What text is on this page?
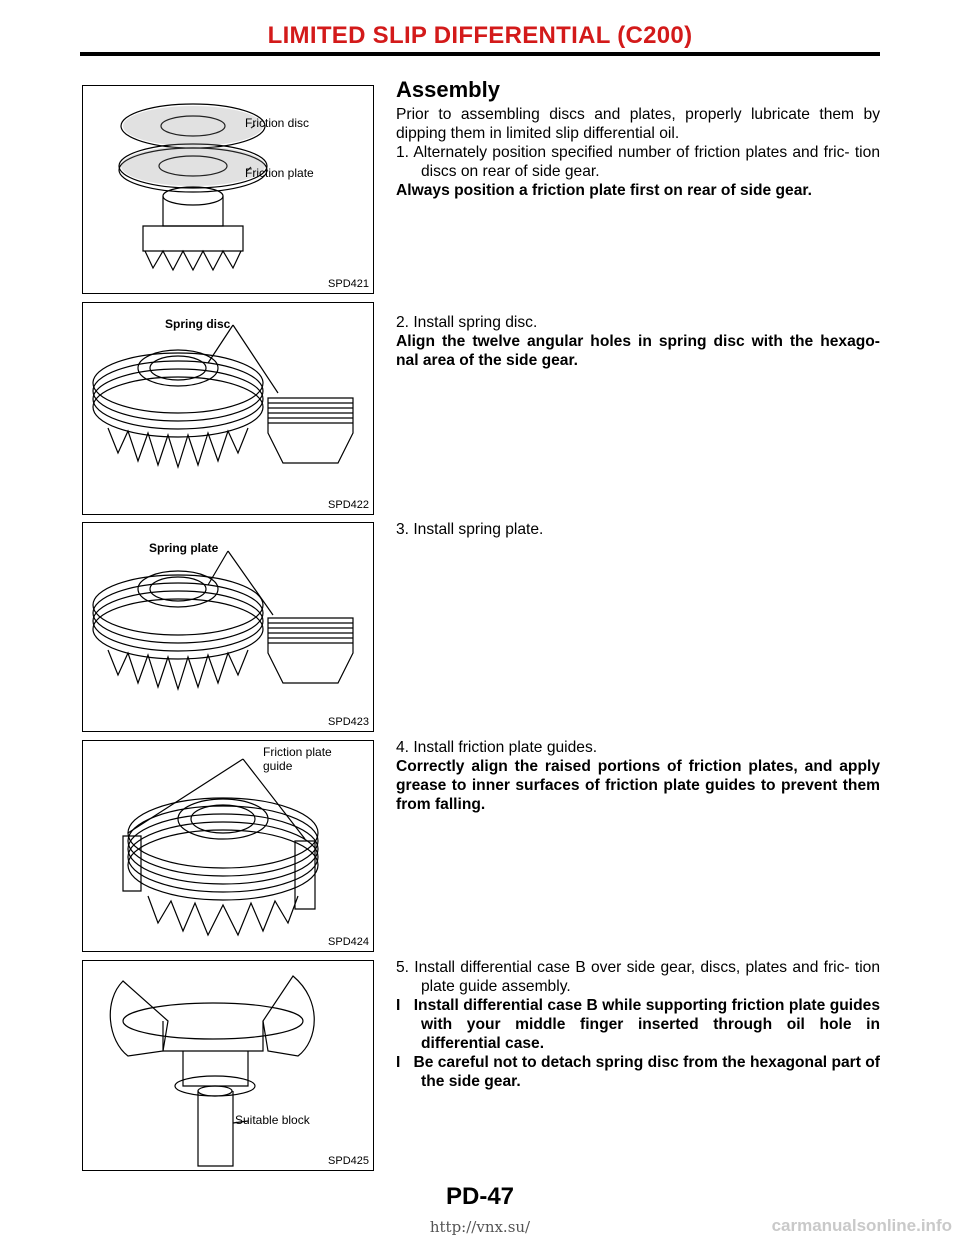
LIMITED SLIP DIFFERENTIAL (C200)
Friction disc
Friction plate
SPD421
Spring disc
SPD422
Spring plate
SPD423
Friction plate
guide
SPD424
Suitable block
SPD425

Assembly

Prior to assembling discs and plates, properly lubricate them by dipping them in limited slip differential oil.

1. Alternately position specified number of friction plates and fric- tion discs on rear of side gear.

Always position a friction plate first on rear of side gear.

2. Install spring disc.

Align the twelve angular holes in spring disc with the hexago- nal area of the side gear.

3. Install spring plate.

4. Install friction plate guides.

Correctly align the raised portions of friction plates, and apply grease to inner surfaces of friction plate guides to prevent them from falling.

5. Install differential case B over side gear, discs, plates and fric- tion plate guide assembly.

I Install differential case B while supporting friction plate guides with your middle finger inserted through oil hole in differential case.

I Be careful not to detach spring disc from the hexagonal part of the side gear.

PD-47
http://vnx.su/	carmanualsonline.info
